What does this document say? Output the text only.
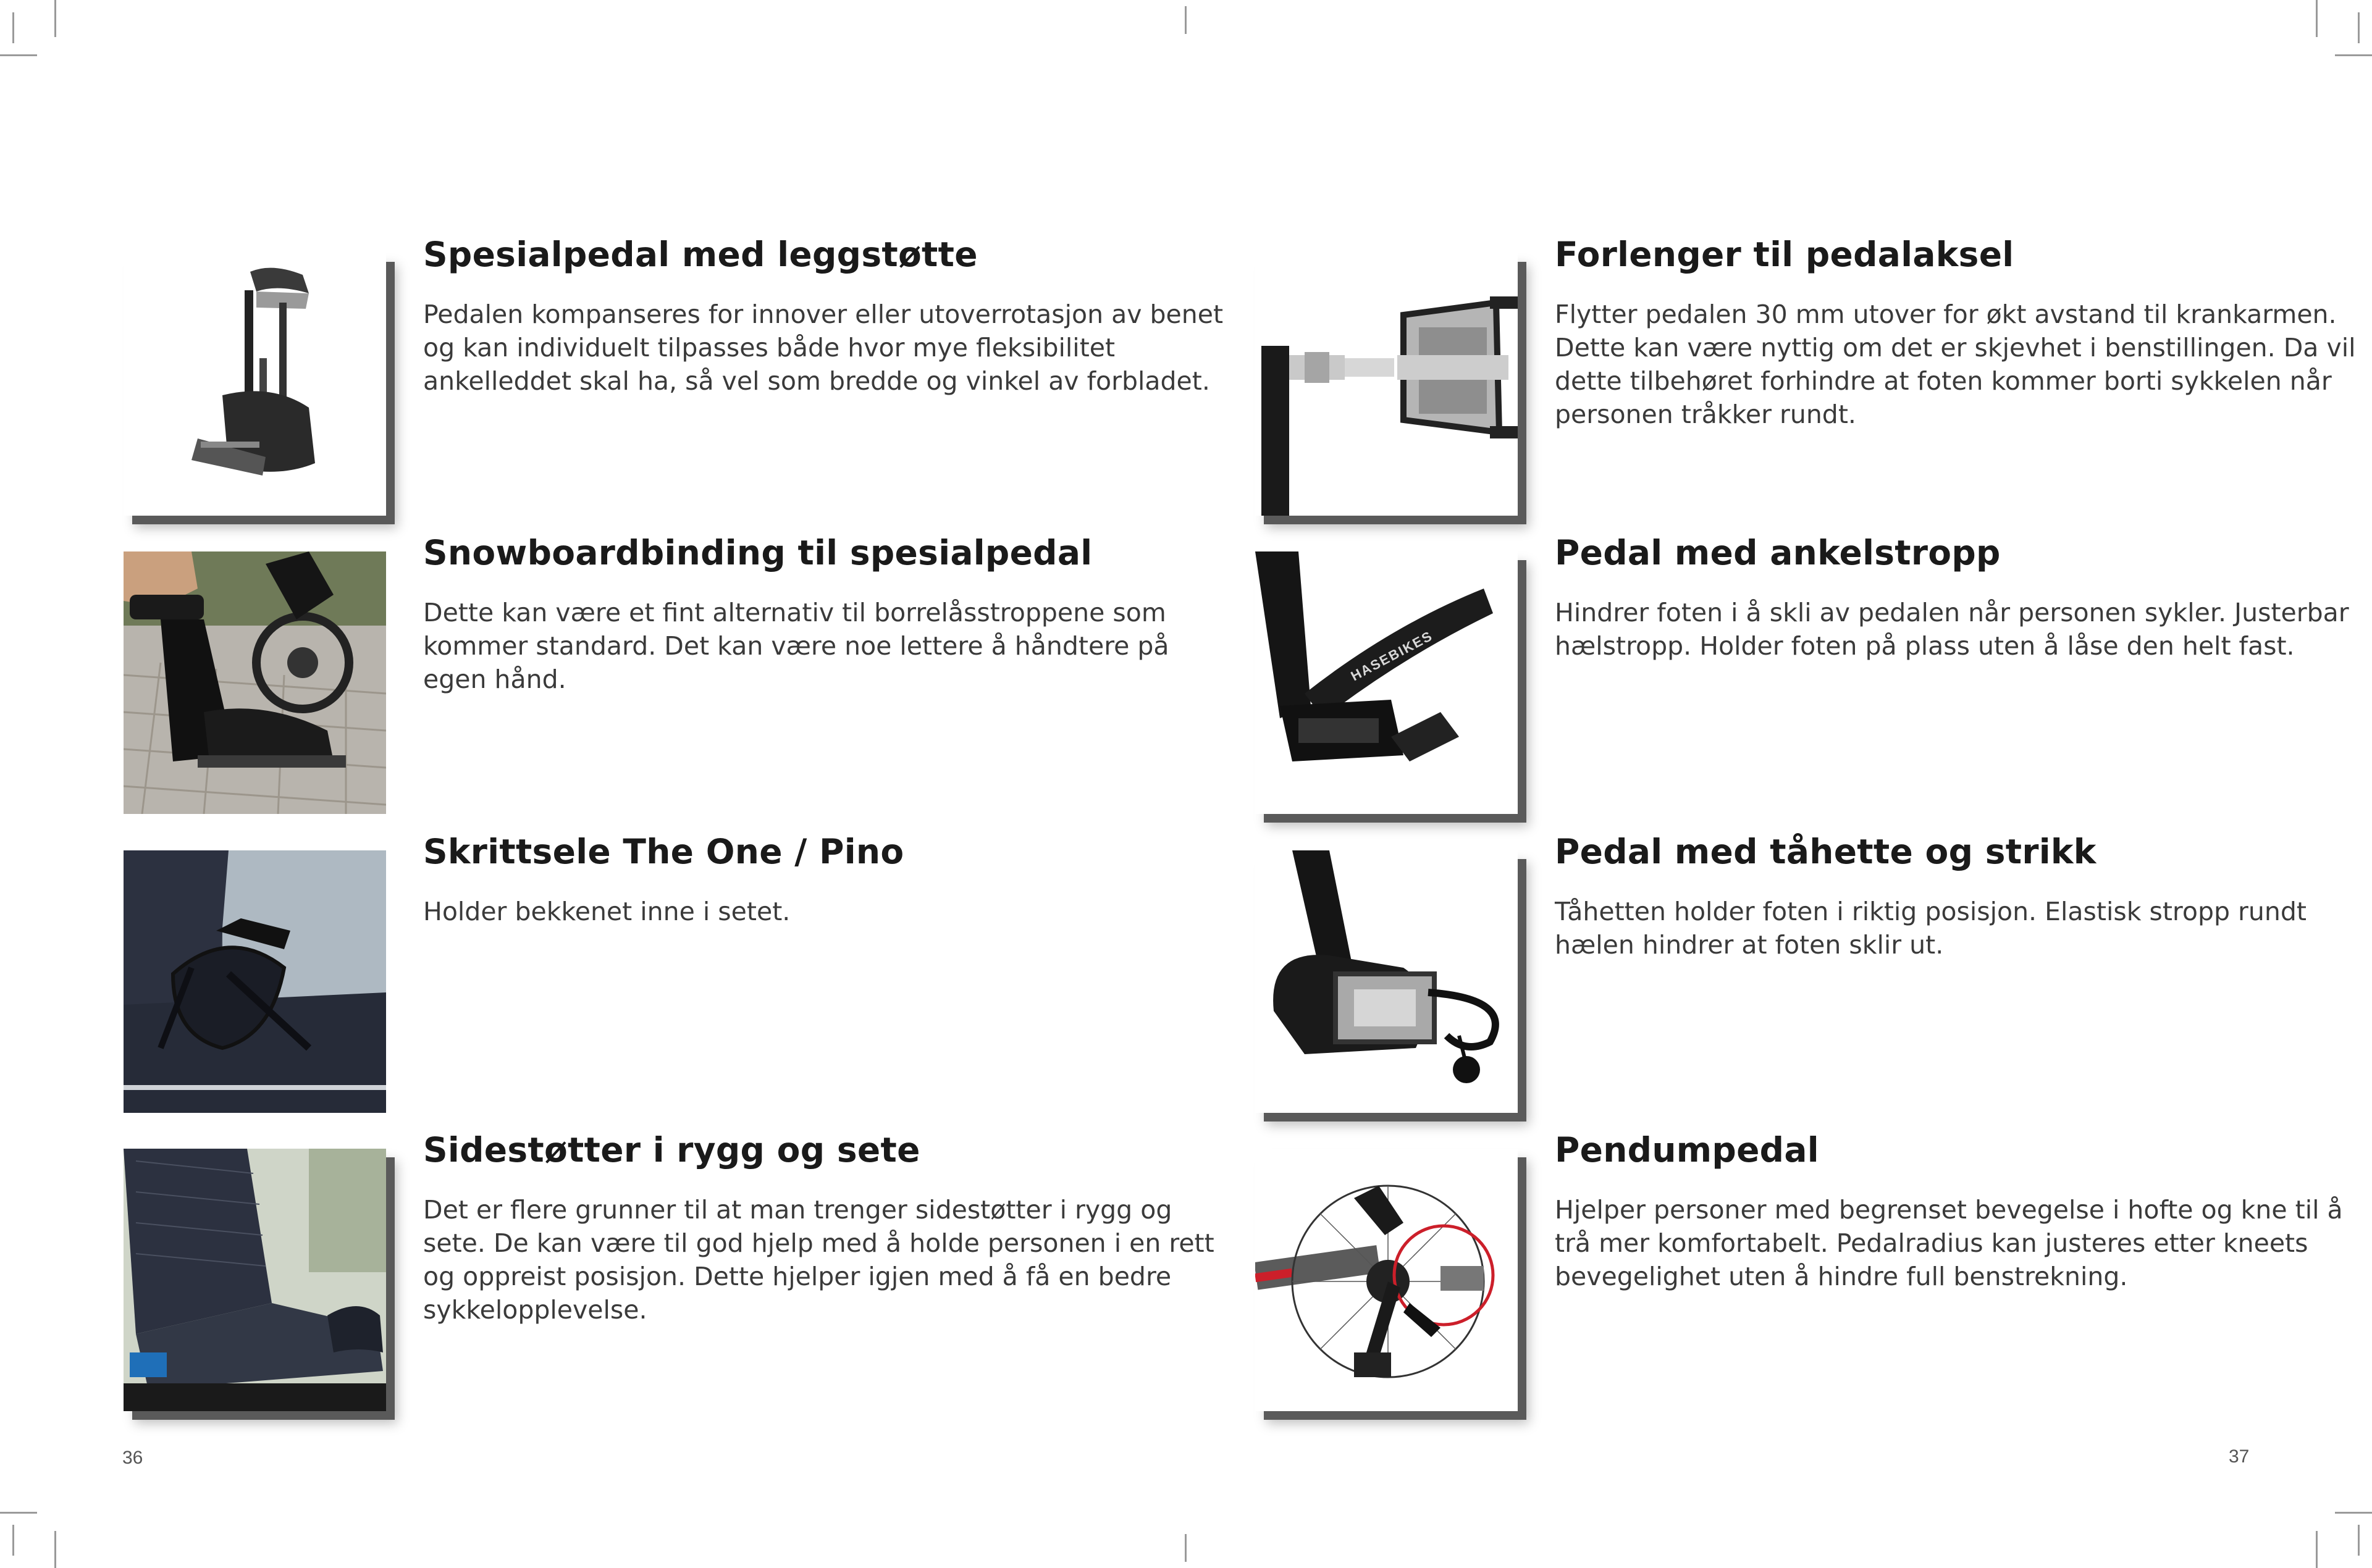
Spesialpedal med leggstøtte

Pedalen kompanseres for innover eller utoverrotasjon av benet og kan individuelt tilpasses både hvor mye fleksibilitet ankelleddet skal ha, så vel som bredde og vinkel av forbladet.

Snowboardbinding til spesialpedal

Dette kan være et fint alternativ til borrelåsstroppene som kommer standard. Det kan være noe lettere å håndtere på egen hånd.

Skrittsele The One / Pino

Holder bekkenet inne i setet.

Sidestøtter i rygg og sete

Det er flere grunner til at man trenger sidestøtter i rygg og sete. De kan være til god hjelp med å holde personen i en rett og oppreist posisjon. Dette hjelper igjen med å få en bedre sykkelopplevelse.

36
Forlenger til pedalaksel

Flytter pedalen 30 mm utover for økt avstand til krankarmen. Dette kan være nyttig om det er skjevhet i benstillingen. Da vil dette tilbehøret forhindre at foten kommer borti sykkelen når personen tråkker rundt.

HASEBIKES
Pedal med ankelstropp

Hindrer foten i å skli av pedalen når personen sykler. Justerbar hælstropp. Holder foten på plass uten å låse den helt fast.

Pedal med tåhette og strikk

Tåhetten holder foten i riktig posisjon. Elastisk stropp rundt hælen hindrer at foten sklir ut.

Pendumpedal

Hjelper personer med begrenset bevegelse i hofte og kne til å trå mer komfortabelt. Pedalradius kan justeres etter kneets bevegelighet uten å hindre full benstrekning.

37
